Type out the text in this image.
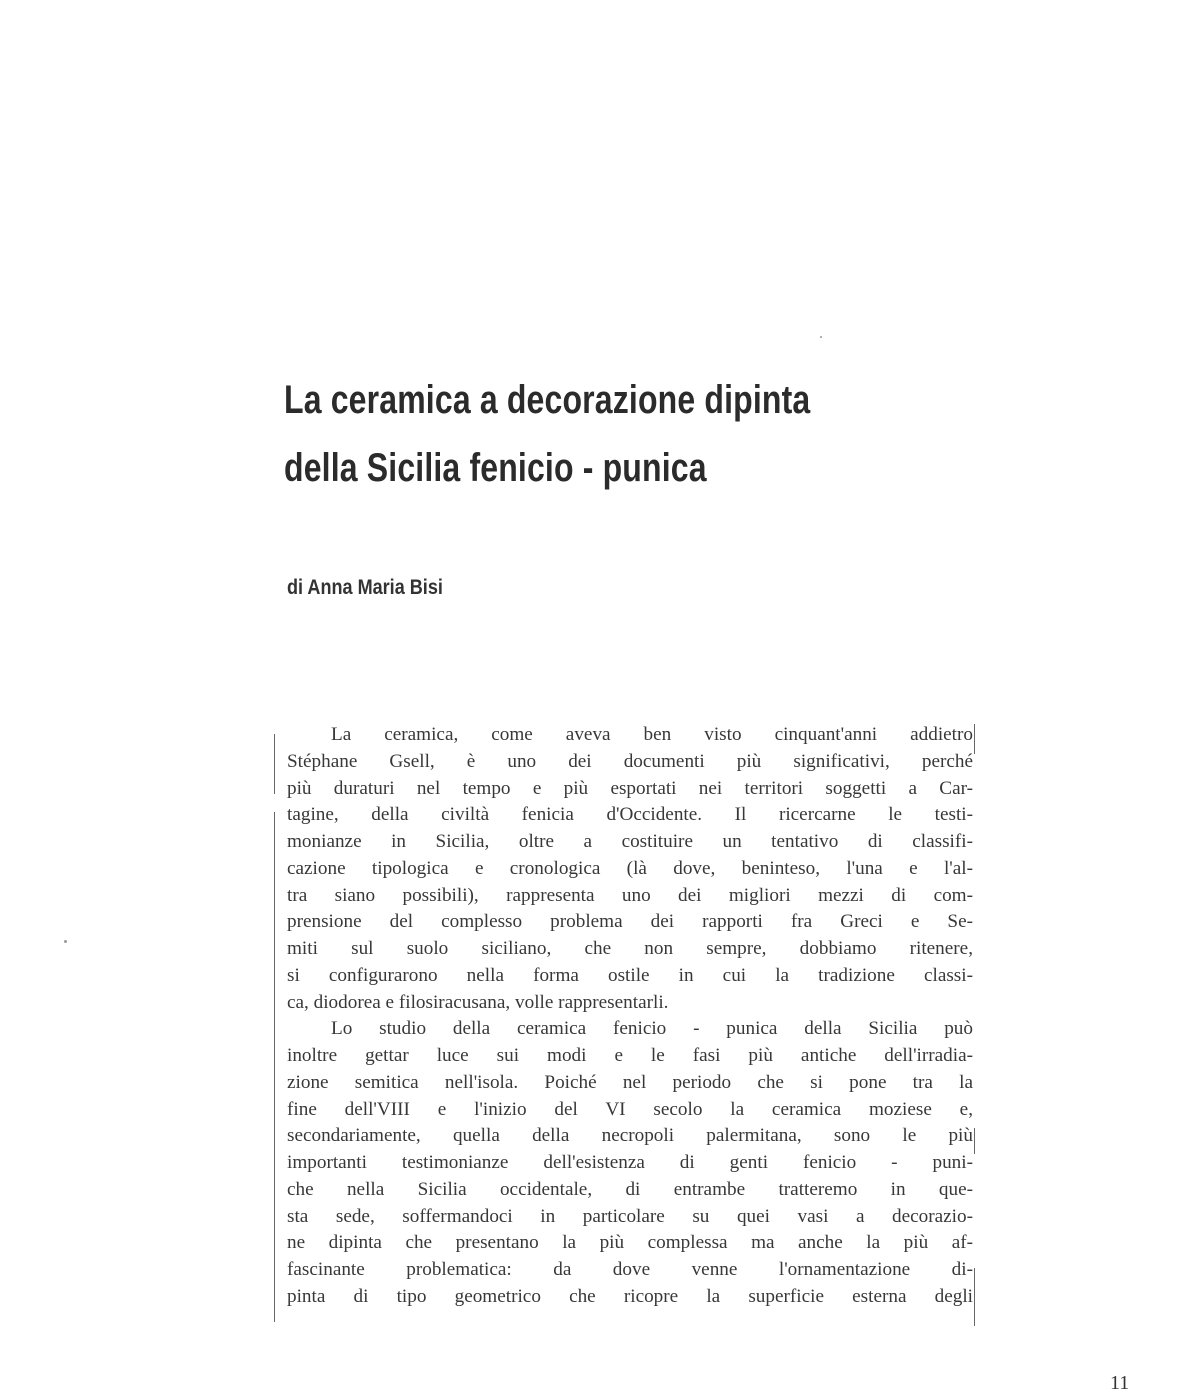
La ceramica a decorazione dipinta
della Sicilia fenicio - punica
di Anna Maria Bisi
La ceramica, come aveva ben visto cinquant'anni addietro
Stéphane Gsell, è uno dei documenti più significativi, perché
più duraturi nel tempo e più esportati nei territori soggetti a Car-
tagine, della civiltà fenicia d'Occidente. Il ricercarne le testi-
monianze in Sicilia, oltre a costituire un tentativo di classifi-
cazione tipologica e cronologica (là dove, beninteso, l'una e l'al-
tra siano possibili), rappresenta uno dei migliori mezzi di com-
prensione del complesso problema dei rapporti fra Greci e Se-
miti sul suolo siciliano, che non sempre, dobbiamo ritenere,
si configurarono nella forma ostile in cui la tradizione classi-
ca, diodorea e filosiracusana, volle rappresentarli.
Lo studio della ceramica fenicio - punica della Sicilia può
inoltre gettar luce sui modi e le fasi più antiche dell'irradia-
zione semitica nell'isola. Poiché nel periodo che si pone tra la
fine dell'VIII e l'inizio del VI secolo la ceramica moziese e,
secondariamente, quella della necropoli palermitana, sono le più
importanti testimonianze dell'esistenza di genti fenicio - puni-
che nella Sicilia occidentale, di entrambe tratteremo in que-
sta sede, soffermandoci in particolare su quei vasi a decorazio-
ne dipinta che presentano la più complessa ma anche la più af-
fascinante problematica: da dove venne l'ornamentazione di-
pinta di tipo geometrico che ricopre la superficie esterna degli
11
